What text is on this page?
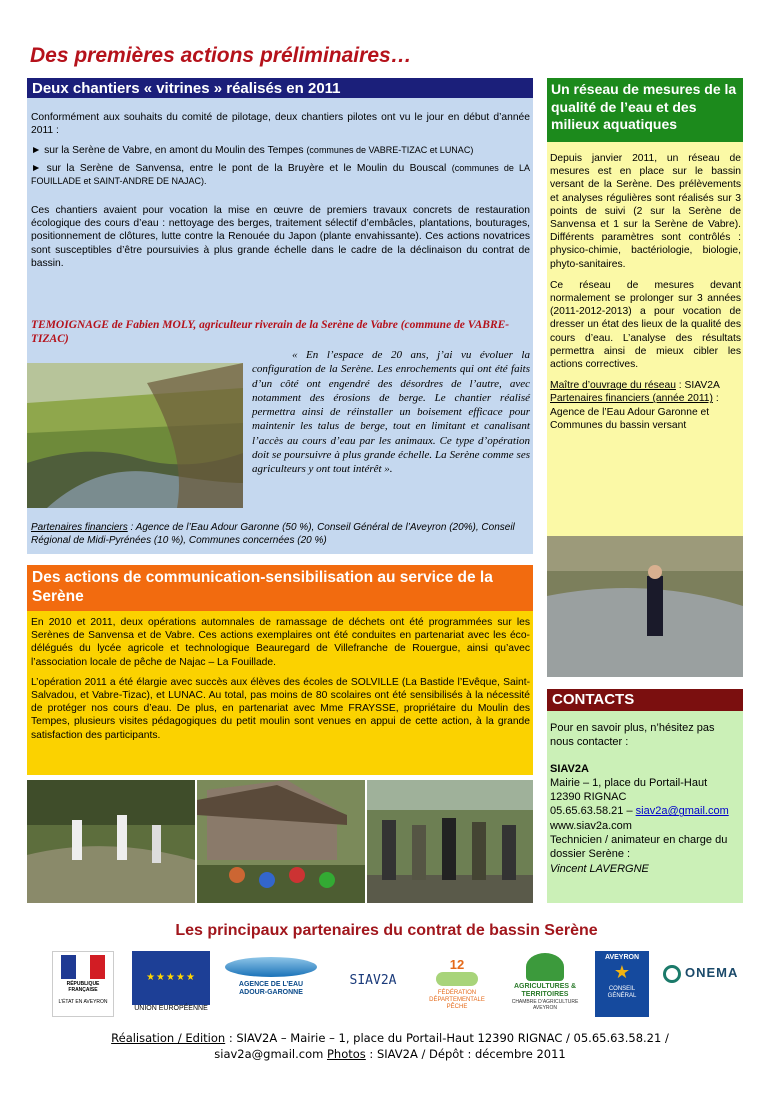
Des premières actions préliminaires…
Deux chantiers « vitrines » réalisés en 2011

Conformément aux souhaits du comité de pilotage, deux chantiers pilotes ont vu le jour en début d’année 2011 :

► sur la Serène de Vabre, en amont du Moulin des Tempes (communes de VABRE-TIZAC et LUNAC)

► sur la Serène de Sanvensa, entre le pont de la Bruyère et le Moulin du Bouscal (communes de LA FOUILLADE et SAINT-ANDRE DE NAJAC).

Ces chantiers avaient pour vocation la mise en œuvre de premiers travaux concrets de restauration écologique des cours d’eau : nettoyage des berges, traitement sélectif d’embâcles, plantations, bouturages, positionnement de clôtures, lutte contre la Renouée du Japon (plante envahissante). Ces actions novatrices sont susceptibles d’être poursuivies à plus grande échelle dans le cadre de la déclinaison du contrat de bassin.

TEMOIGNAGE de Fabien MOLY, agriculteur riverain de la Serène de Vabre (commune de VABRE-TIZAC)
« En l’espace de 20 ans, j’ai vu évoluer la configuration de la Serène. Les enrochements qui ont été faits d’un côté ont engendré des désordres de l’autre, avec notamment des érosions de berge. Le chantier réalisé permettra ainsi de réinstaller un boisement efficace pour maintenir les talus de berge, tout en limitant et canalisant l’accès au cours d’eau par les animaux. Ce type d’opération doit se poursuivre à plus grande échelle. La Serène comme ses agriculteurs y ont tout intérêt ».
Partenaires financiers : Agence de l’Eau Adour Garonne (50 %), Conseil Général de l’Aveyron (20%), Conseil Régional de Midi-Pyrénées (10 %), Communes concernées (20 %)
Des actions de communication-sensibilisation au service de la Serène

En 2010 et 2011, deux opérations automnales de ramassage de déchets ont été programmées sur les Serènes de Sanvensa et de Vabre. Ces actions exemplaires ont été conduites en partenariat avec les éco-délégués du lycée agricole et technologique Beauregard de Villefranche de Rouergue, ainsi qu’avec l’association locale de pêche de Najac – La Fouillade.

L’opération 2011 a été élargie avec succès aux élèves des écoles de SOLVILLE (La Bastide l’Evêque, Saint-Salvadou, et Vabre-Tizac), et LUNAC. Au total, pas moins de 80 scolaires ont été sensibilisés à la nécessité de protéger nos cours d’eau. De plus, en partenariat avec Mme FRAYSSE, propriétaire du Moulin des Tempes, plusieurs visites pédagogiques du petit moulin sont venues en appui de cette action, à la grande satisfaction des participants.

Un réseau de mesures de la qualité de l’eau et des milieux aquatiques

Depuis janvier 2011, un réseau de mesures est en place sur le bassin versant de la Serène. Des prélèvements et analyses régulières sont réalisés sur 3 points de suivi (2 sur la Serène de Sanvensa et 1 sur la Serène de Vabre). Différents paramètres sont contrôlés : physico-chimie, bactériologie, biologie, phyto-sanitaires.

Ce réseau de mesures devant normalement se prolonger sur 3 années (2011-2012-2013) a pour vocation de dresser un état des lieux de la qualité des cours d’eau. L’analyse des résultats permettra ainsi de mieux cibler les actions correctives.

Maître d’ouvrage du réseau : SIAV2A
Partenaires financiers (année 2011) : Agence de l’Eau Adour Garonne et Communes du bassin versant
CONTACTS
Pour en savoir plus, n’hésitez pas nous contacter :
SIAV2A
Mairie – 1, place du Portail-Haut
12390 RIGNAC
05.65.63.58.21 – siav2a@gmail.com
www.siav2a.com
Technicien / animateur en charge du dossier Serène :
Vincent LAVERGNE
Les principaux partenaires du contrat de bassin Serène
RÉPUBLIQUE FRANÇAISE
L’ÉTAT EN AVEYRON
★★★★★
UNION EUROPÉENNE
AGENCE DE L’EAU ADOUR-GARONNE
SIAV2A
12
FÉDÉRATION DÉPARTEMENTALE PÊCHE
AGRICULTURES & TERRITOIRES
CHAMBRE D’AGRICULTURE AVEYRON
AVEYRON
★
CONSEIL GÉNÉRAL
ONEMA
Réalisation / Edition : SIAV2A – Mairie – 1, place du Portail-Haut 12390 RIGNAC / 05.65.63.58.21 / siav2a@gmail.com Photos : SIAV2A / Dépôt : décembre 2011
